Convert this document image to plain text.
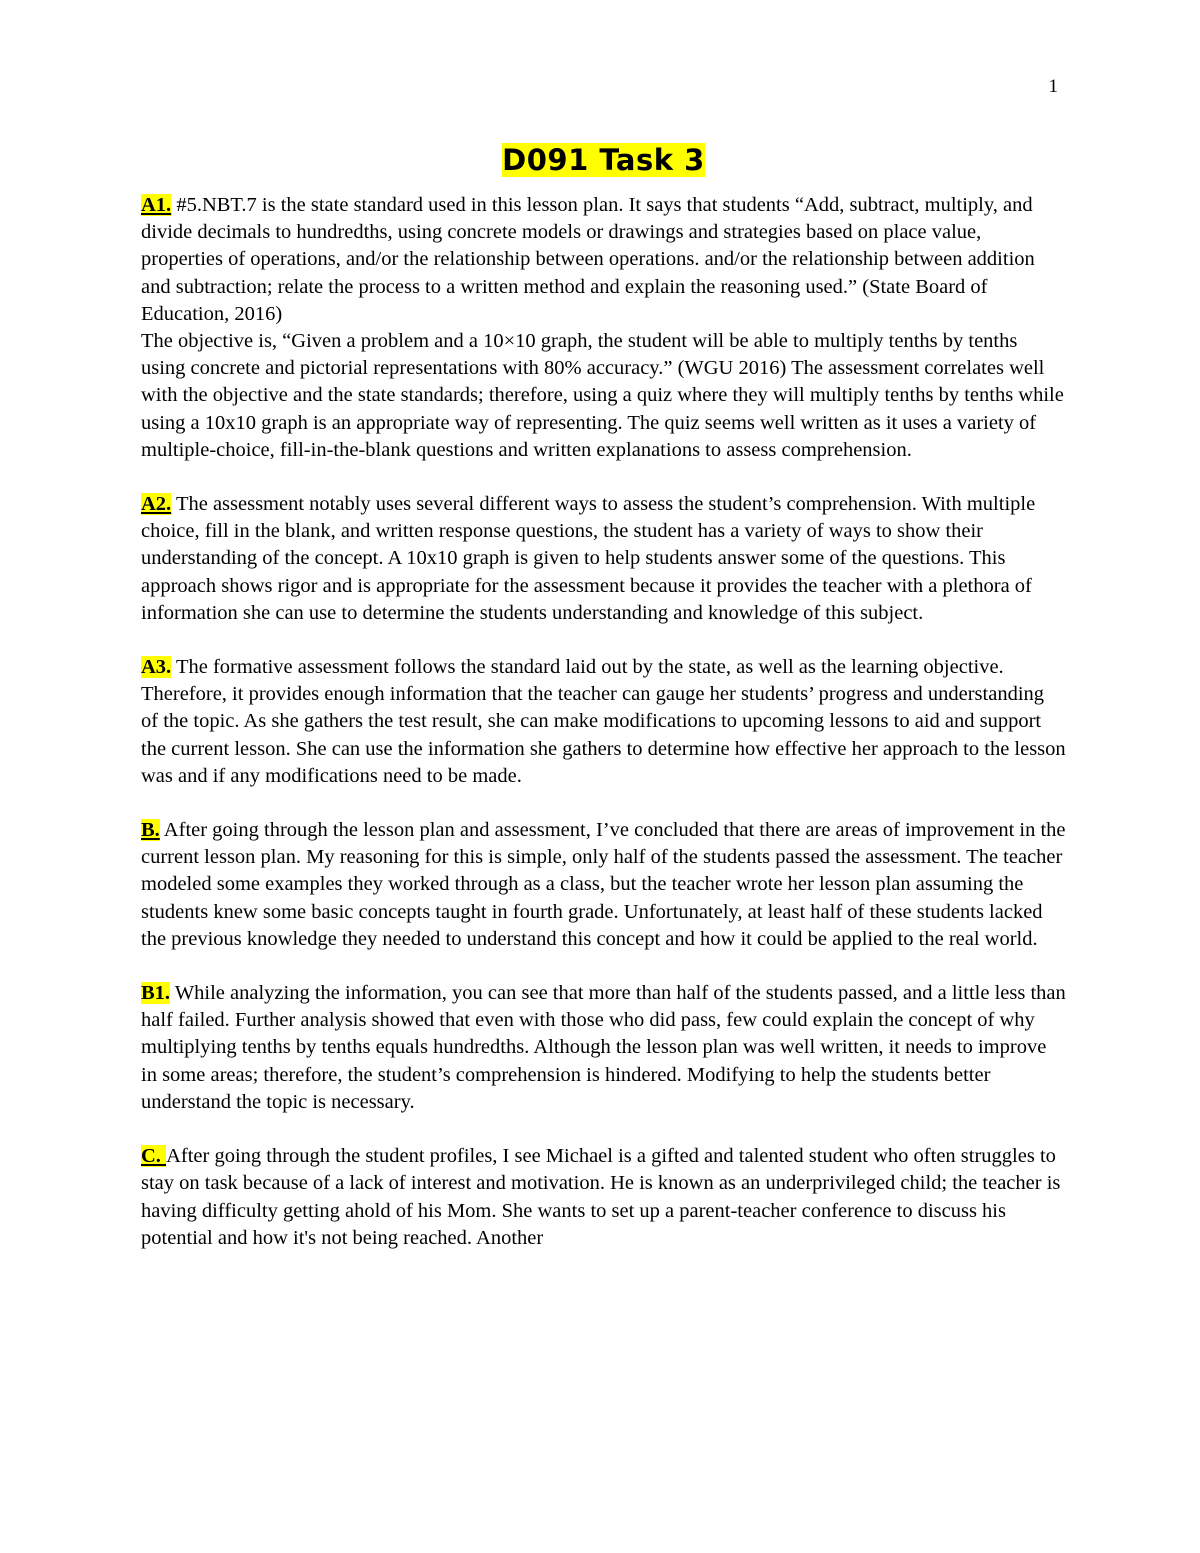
1
D091 Task 3

A1. #5.NBT.7 is the state standard used in this lesson plan. It says that students “Add, subtract, multiply, and divide decimals to hundredths, using concrete models or drawings and strategies based on place value, properties of operations, and/or the relationship between operations. and/or the relationship between addition and subtraction; relate the process to a written method and explain the reasoning used.” (State Board of Education, 2016)

The objective is, “Given a problem and a 10×10 graph, the student will be able to multiply tenths by tenths using concrete and pictorial representations with 80% accuracy.” (WGU 2016) The assessment correlates well with the objective and the state standards; therefore, using a quiz where they will multiply tenths by tenths while using a 10x10 graph is an appropriate way of representing. The quiz seems well written as it uses a variety of multiple-choice, fill-in-the-blank questions and written explanations to assess comprehension.

A2. The assessment notably uses several different ways to assess the student’s comprehension. With multiple choice, fill in the blank, and written response questions, the student has a variety of ways to show their understanding of the concept. A 10x10 graph is given to help students answer some of the questions. This approach shows rigor and is appropriate for the assessment because it provides the teacher with a plethora of information she can use to determine the students understanding and knowledge of this subject.

A3. The formative assessment follows the standard laid out by the state, as well as the learning objective. Therefore, it provides enough information that the teacher can gauge her students’ progress and understanding of the topic. As she gathers the test result, she can make modifications to upcoming lessons to aid and support the current lesson. She can use the information she gathers to determine how effective her approach to the lesson was and if any modifications need to be made.

B. After going through the lesson plan and assessment, I’ve concluded that there are areas of improvement in the current lesson plan. My reasoning for this is simple, only half of the students passed the assessment. The teacher modeled some examples they worked through as a class, but the teacher wrote her lesson plan assuming the students knew some basic concepts taught in fourth grade. Unfortunately, at least half of these students lacked the previous knowledge they needed to understand this concept and how it could be applied to the real world.

B1. While analyzing the information, you can see that more than half of the students passed, and a little less than half failed. Further analysis showed that even with those who did pass, few could explain the concept of why multiplying tenths by tenths equals hundredths. Although the lesson plan was well written, it needs to improve in some areas; therefore, the student’s comprehension is hindered. Modifying to help the students better understand the topic is necessary.

C. After going through the student profiles, I see Michael is a gifted and talented student who often struggles to stay on task because of a lack of interest and motivation. He is known as an underprivileged child; the teacher is having difficulty getting ahold of his Mom. She wants to set up a parent-teacher conference to discuss his potential and how it's not being reached. Another
